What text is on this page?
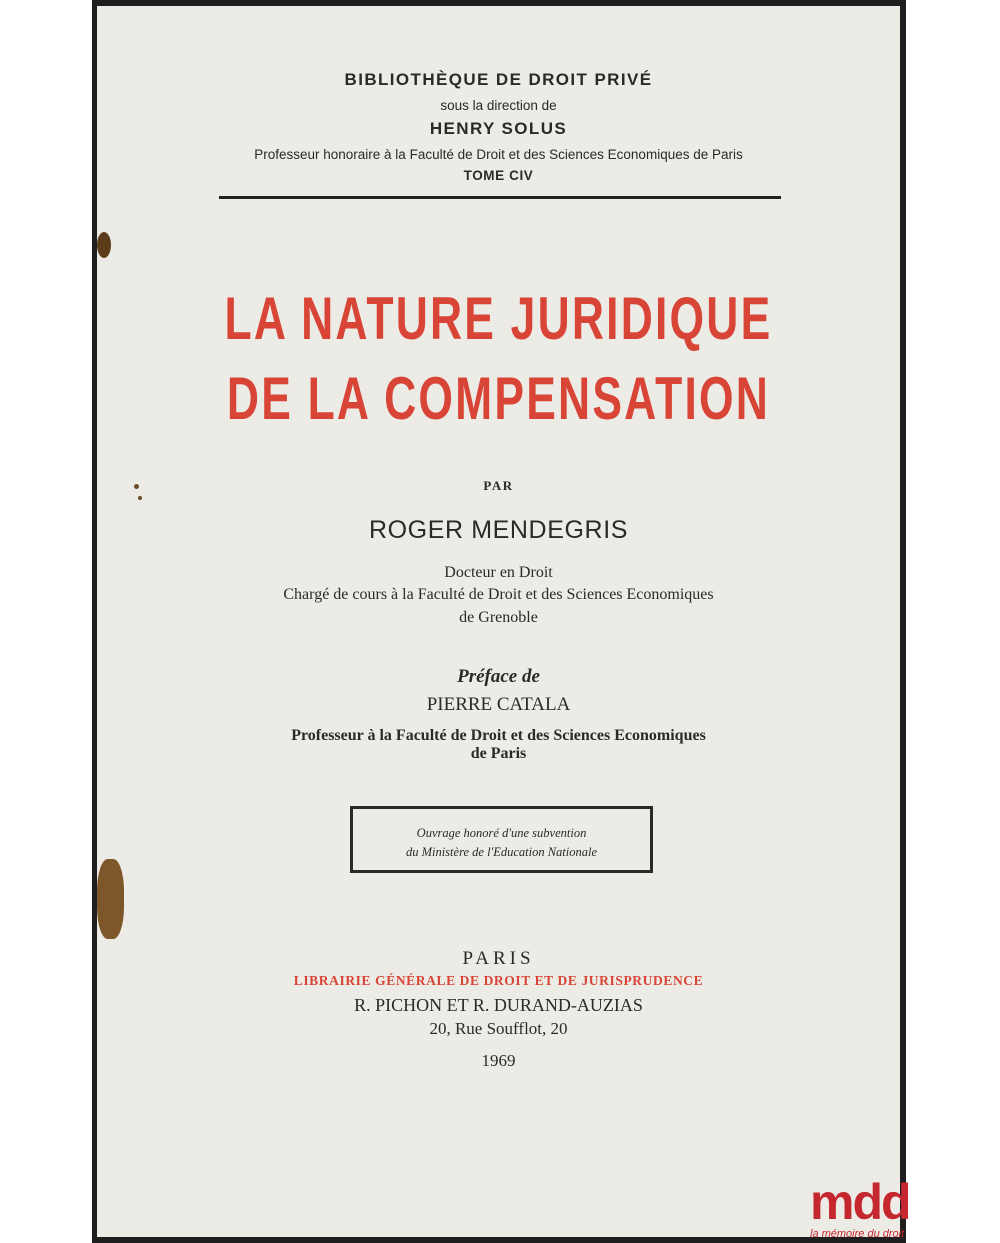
BIBLIOTHÈQUE DE DROIT PRIVÉ
sous la direction de
HENRY SOLUS
Professeur honoraire à la Faculté de Droit et des Sciences Economiques de Paris
TOME CIV
LA NATURE JURIDIQUE
DE LA COMPENSATION
PAR
ROGER MENDEGRIS
Docteur en Droit
Chargé de cours à la Faculté de Droit et des Sciences Economiques
de Grenoble
Préface de
PIERRE CATALA
Professeur à la Faculté de Droit et des Sciences Economiques
de Paris
Ouvrage honoré d'une subvention
du Ministère de l'Education Nationale
PARIS
LIBRAIRIE GÉNÉRALE DE DROIT ET DE JURISPRUDENCE
R. PICHON ET R. DURAND-AUZIAS
20, Rue Soufflot, 20
1969
mdd
la mémoire du droit
